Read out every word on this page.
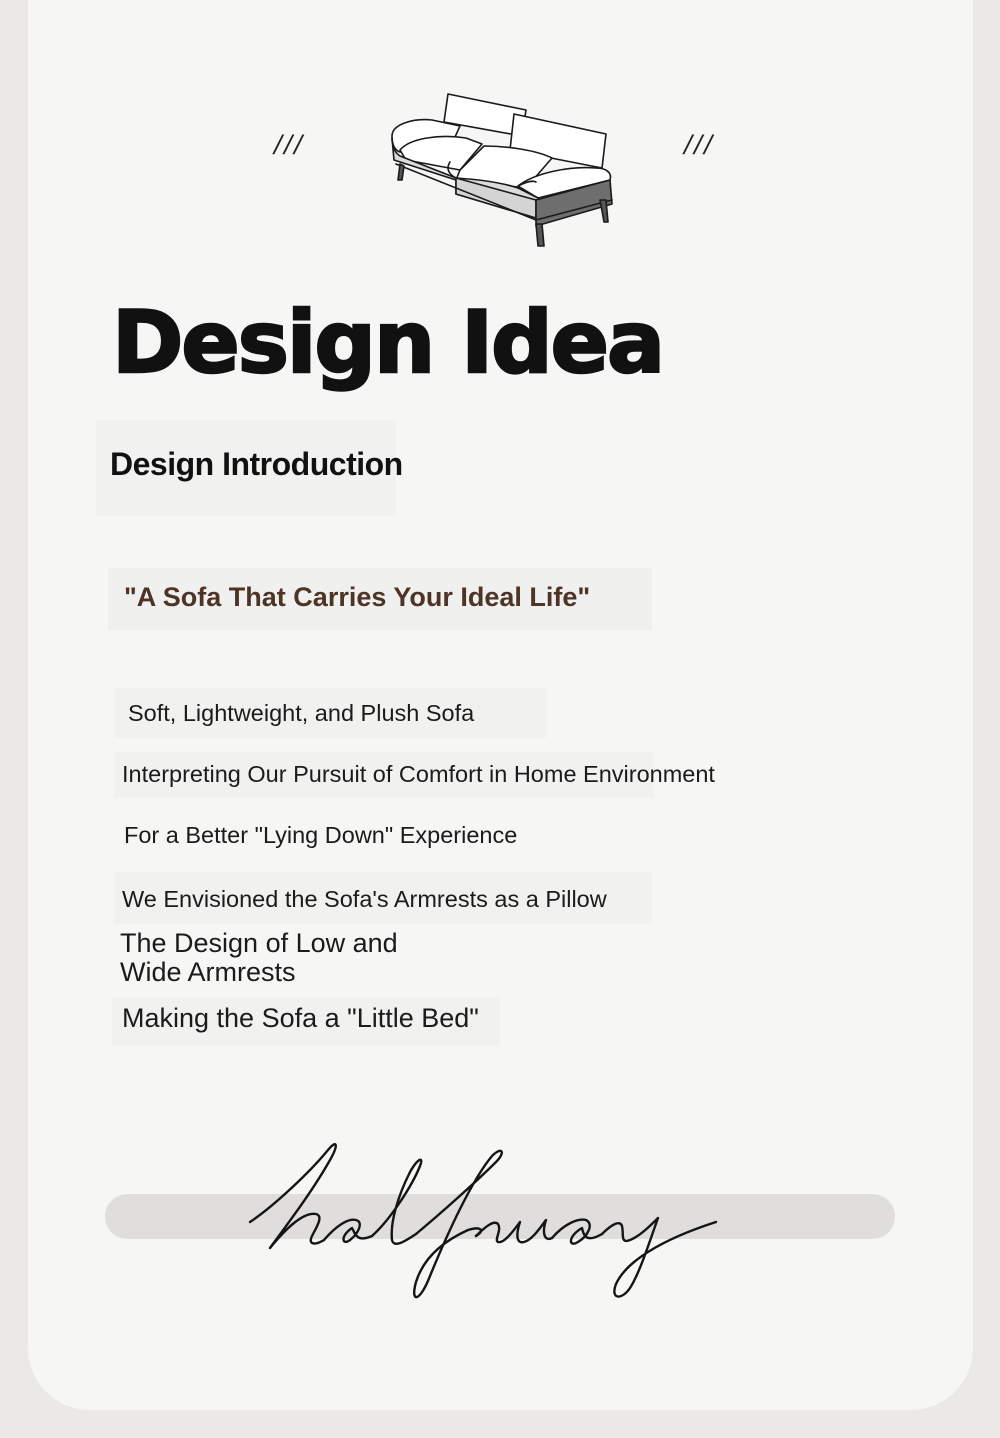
///	///
Design Idea
Design Introduction
"A Sofa That Carries Your Ideal Life"
Soft, Lightweight, and Plush Sofa
Interpreting Our Pursuit of Comfort in Home Environment
For a Better "Lying Down" Experience
We Envisioned the Sofa's Armrests as a Pillow
The Design of Low and
Wide Armrests
Making the Sofa a "Little Bed"
